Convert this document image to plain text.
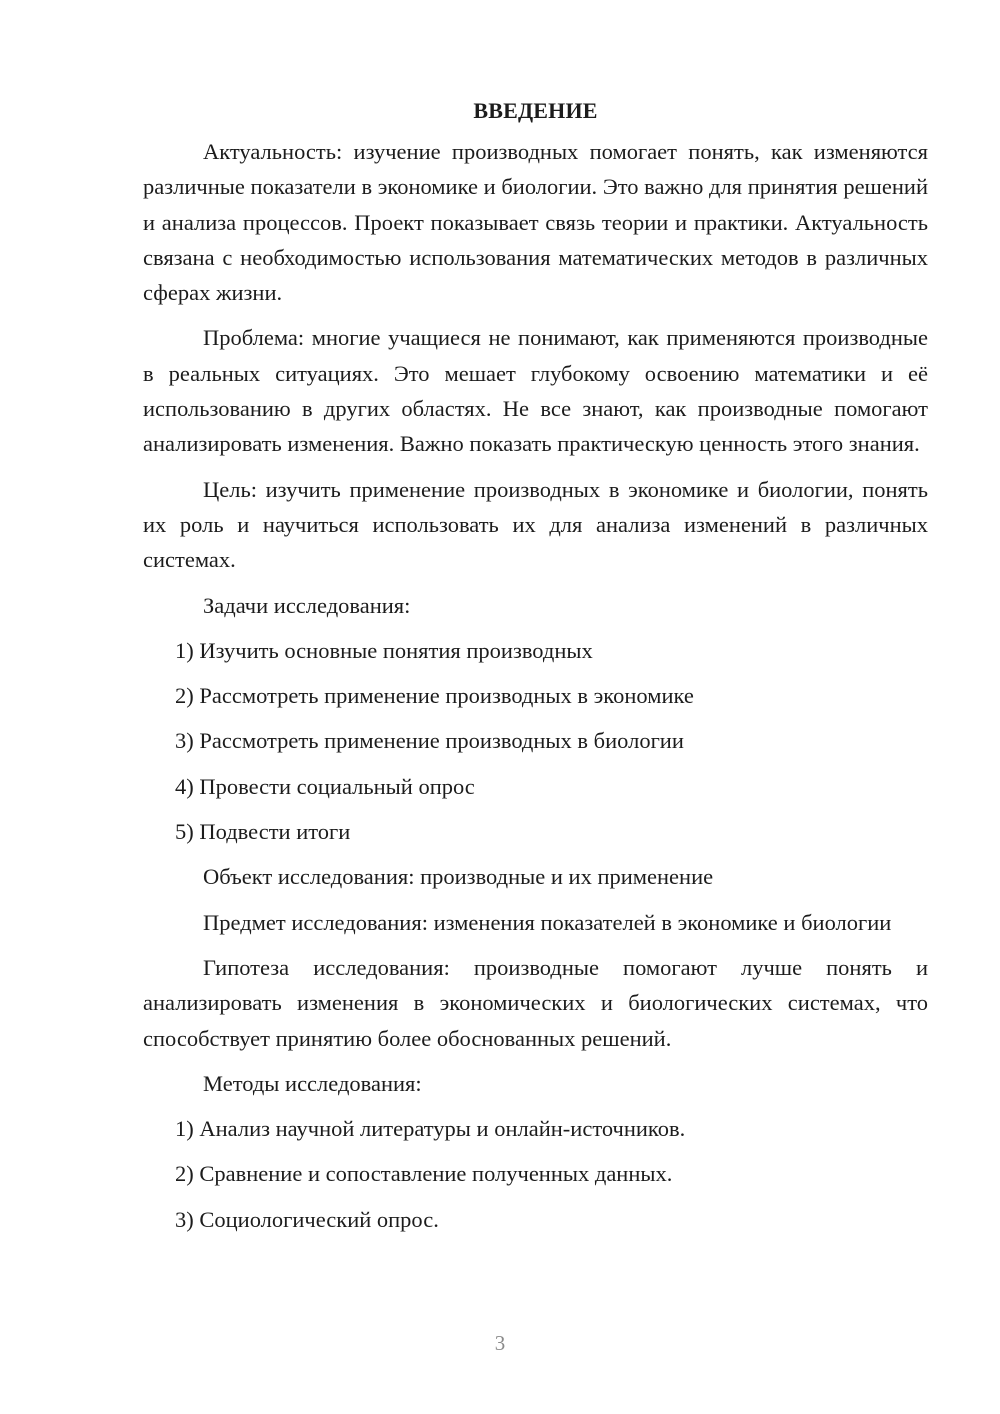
ВВЕДЕНИЕ

Актуальность: изучение производных помогает понять, как изменяются различные показатели в экономике и биологии. Это важно для принятия решений и анализа процессов. Проект показывает связь теории и практики. Актуальность связана с необходимостью использования математических методов в различных сферах жизни.

Проблема: многие учащиеся не понимают, как применяются производные в реальных ситуациях. Это мешает глубокому освоению математики и её использованию в других областях. Не все знают, как производные помогают анализировать изменения. Важно показать практическую ценность этого знания.

Цель: изучить применение производных в экономике и биологии, понять их роль и научиться использовать их для анализа изменений в различных системах.

Задачи исследования:

1) Изучить основные понятия производных

2) Рассмотреть применение производных в экономике

3) Рассмотреть применение производных в биологии

4) Провести социальный опрос

5) Подвести итоги

Объект исследования: производные и их применение

Предмет исследования: изменения показателей в экономике и биологии

Гипотеза исследования: производные помогают лучше понять и анализировать изменения в экономических и биологических системах, что способствует принятию более обоснованных решений.

Методы исследования:

1) Анализ научной литературы и онлайн-источников.

2) Сравнение и сопоставление полученных данных.

3) Социологический опрос.

3
